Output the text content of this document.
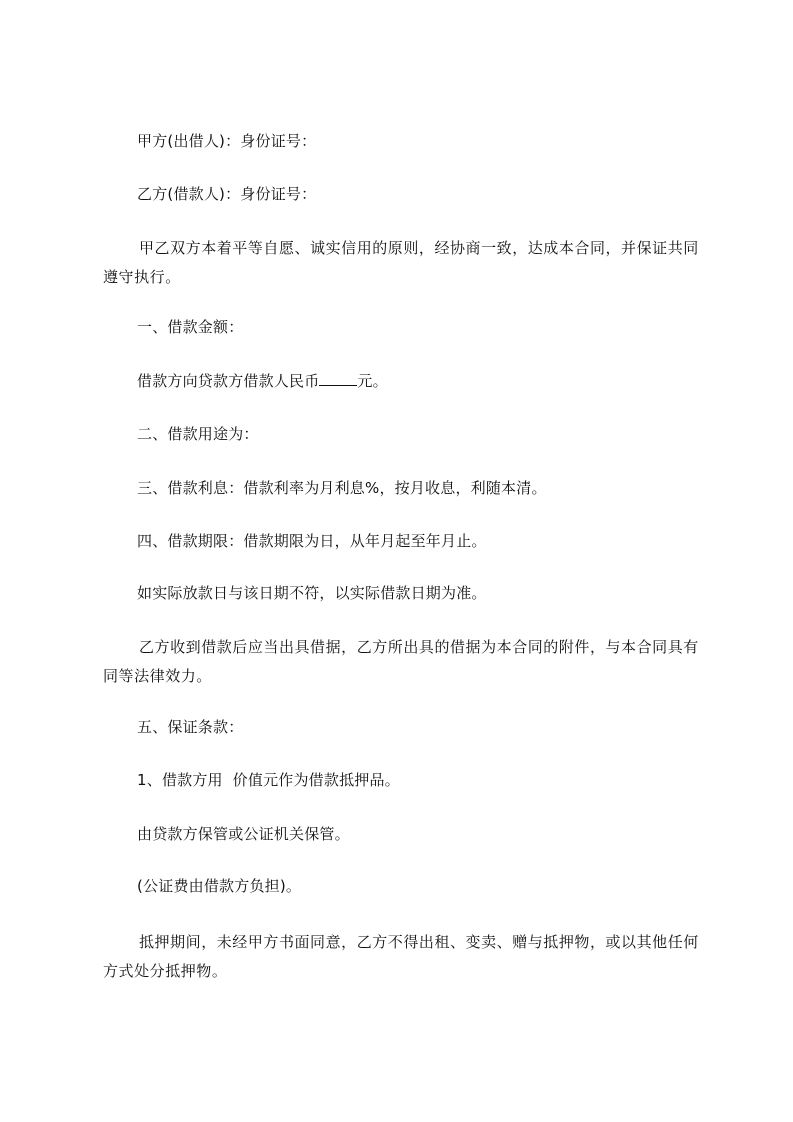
甲方(出借人)：身份证号：
乙方(借款人)：身份证号：
甲乙双方本着平等自愿、诚实信用的原则，经协商一致，达成本合同，并保证共同遵守执行。
一、借款金额：
借款方向贷款方借款人民币	元。
二、借款用途为：
三、借款利息：借款利率为月利息%，按月收息，利随本清。
四、借款期限：借款期限为日，从年月起至年月止。
如实际放款日与该日期不符，以实际借款日期为准。
乙方收到借款后应当出具借据，乙方所出具的借据为本合同的附件，与本合同具有同等法律效力。
五、保证条款：
1、借款方用  价值元作为借款抵押品。
由贷款方保管或公证机关保管。
(公证费由借款方负担)。
抵押期间，未经甲方书面同意，乙方不得出租、变卖、赠与抵押物，或以其他任何方式处分抵押物。
